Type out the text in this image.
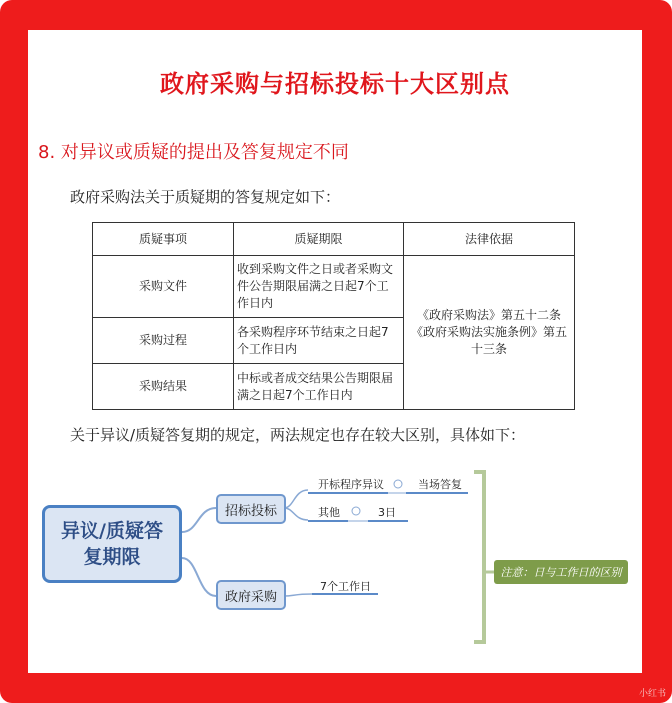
政府采购与招标投标十大区别点
8. 对异议或质疑的提出及答复规定不同
政府采购法关于质疑期的答复规定如下：
质疑事项	质疑期限	法律依据
采购文件	收到采购文件之日或者采购文件公告期限届满之日起7个工作日内	《政府采购法》第五十二条《政府采购法实施条例》第五十三条
采购过程	各采购程序环节结束之日起7个工作日内	
采购结果	中标或者成交结果公告期限届满之日起7个工作日内	
关于异议/质疑答复期的规定，两法规定也存在较大区别，具体如下：
异议/质疑答复期限
招标投标
政府采购
开标程序异议	当场答复
其他	3日
7个工作日
注意：日与工作日的区别
小红书
